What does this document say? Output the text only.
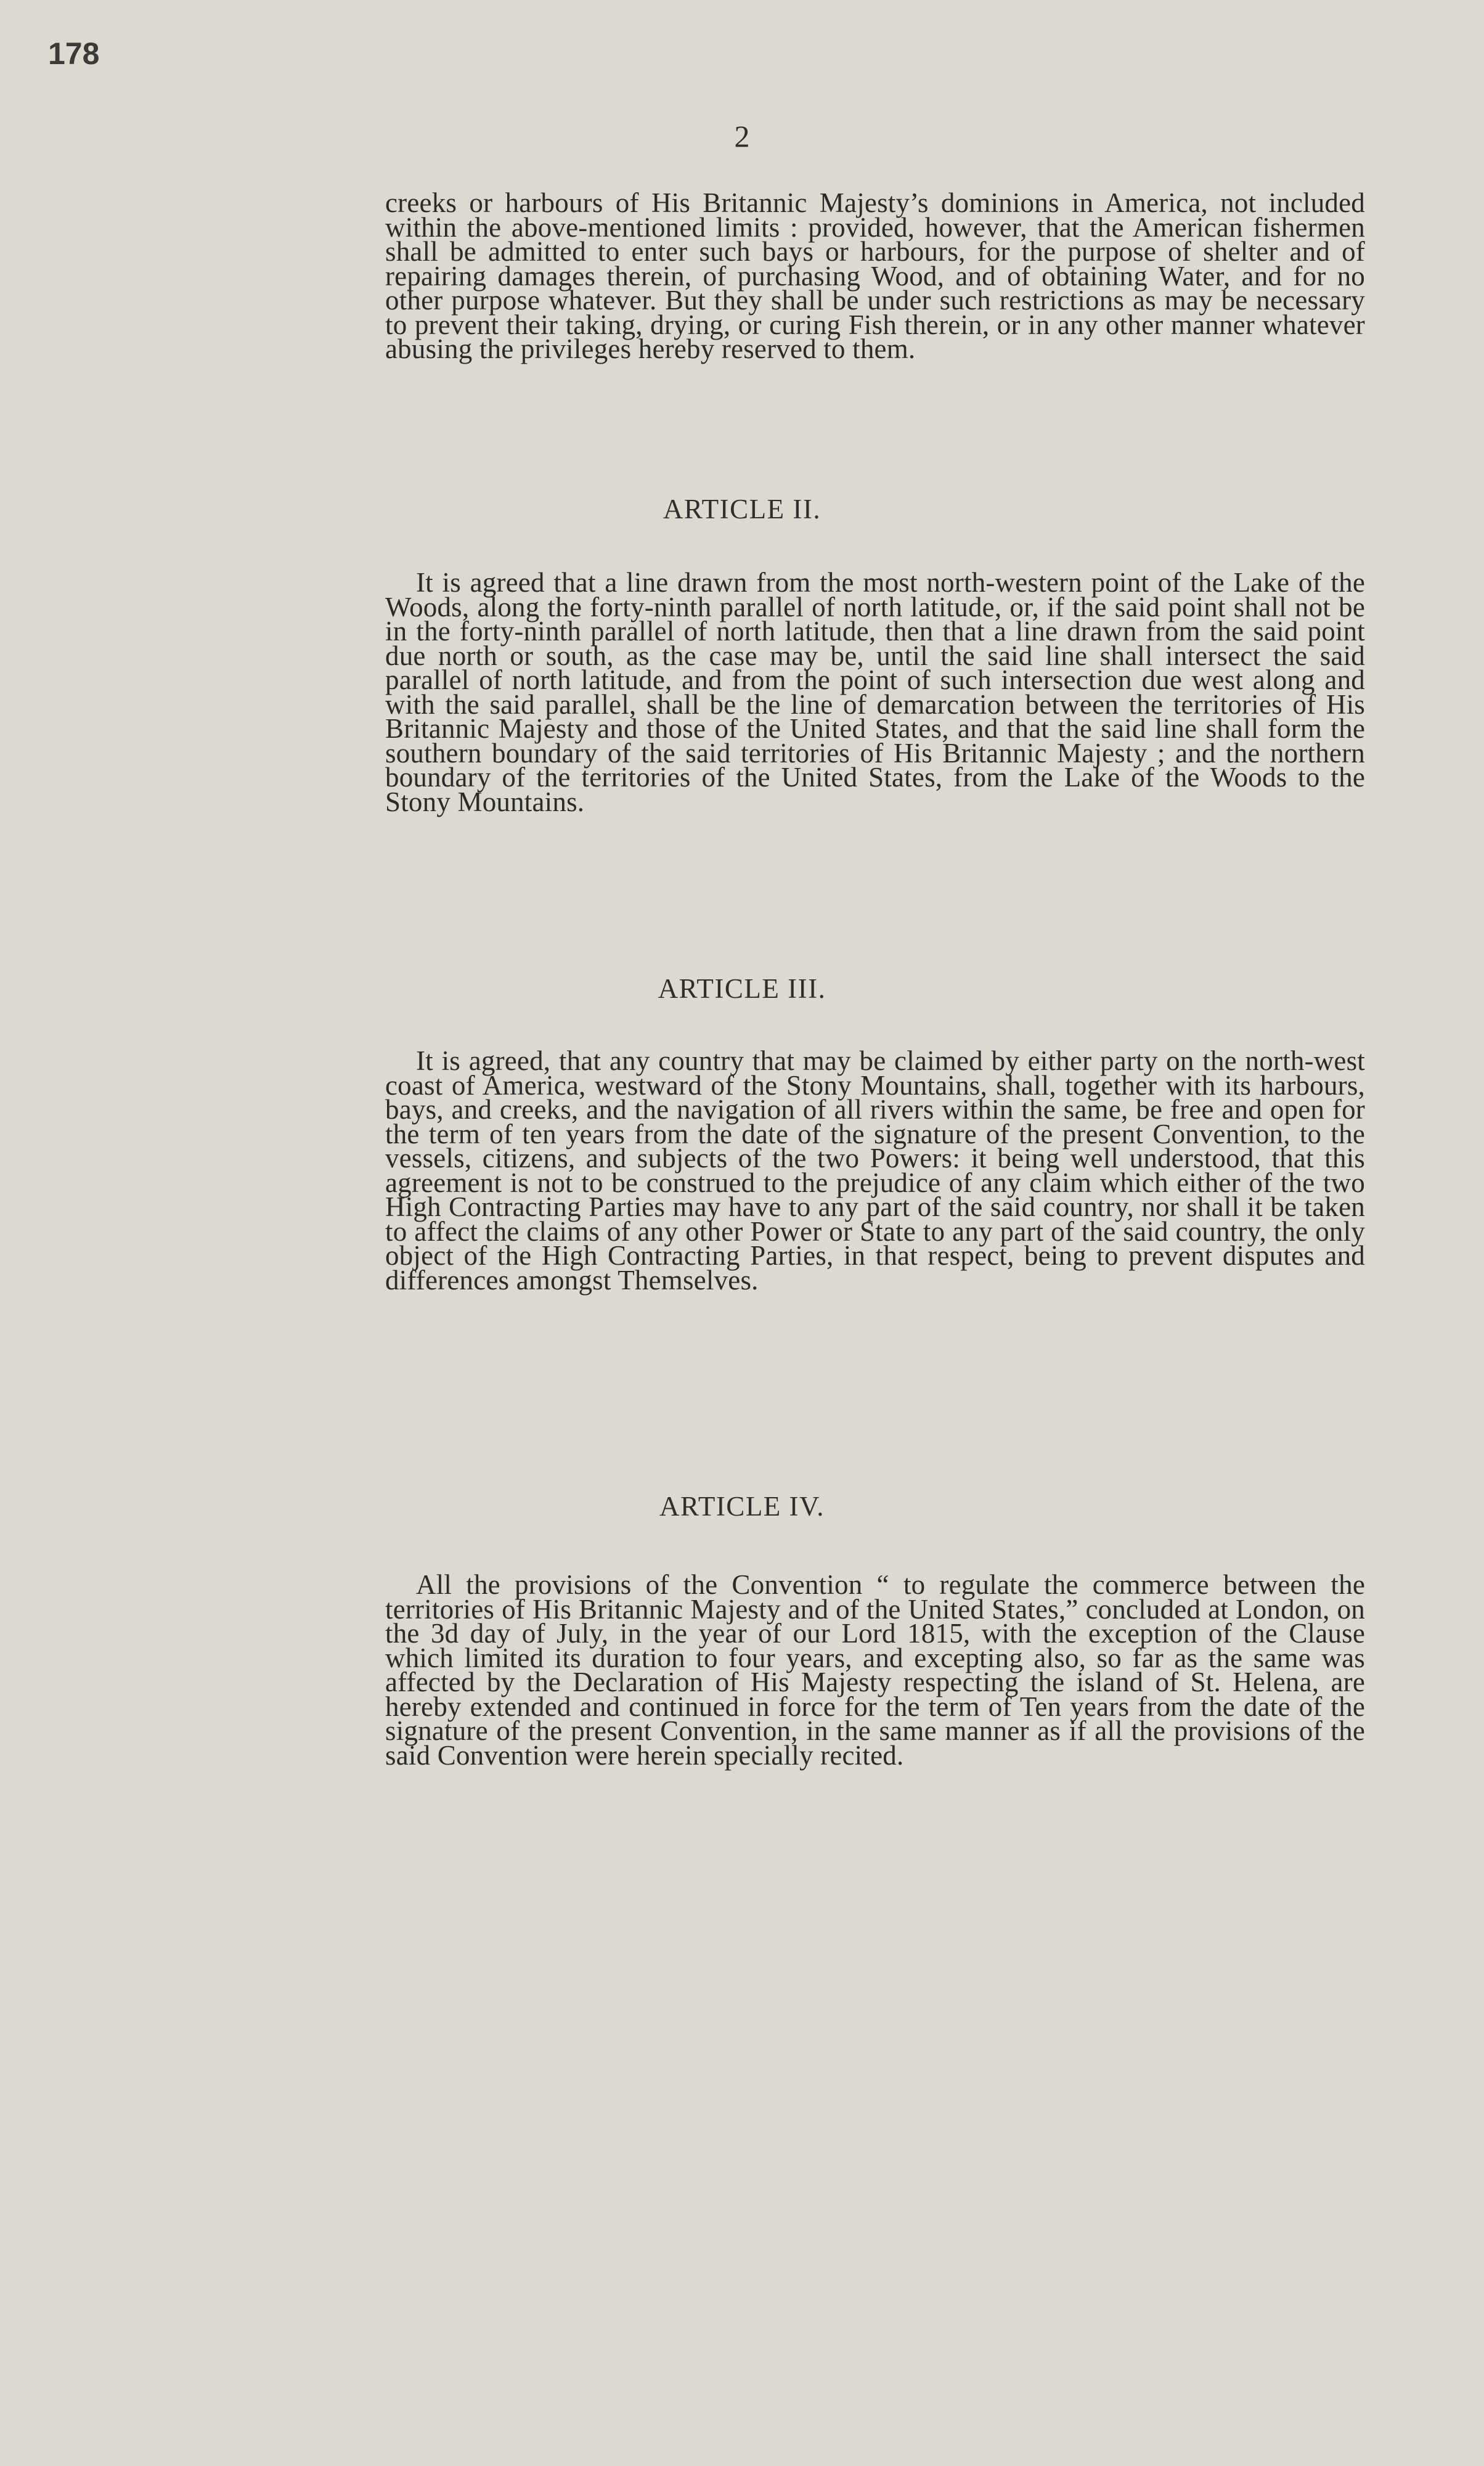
178
2

creeks or harbours of His Britannic Majesty’s dominions in America, not included within the above-mentioned limits : provided, however, that the American fishermen shall be admitted to enter such bays or harbours, for the purpose of shelter and of repairing damages therein, of purchasing Wood, and of obtaining Water, and for no other purpose whatever. But they shall be under such restrictions as may be necessary to prevent their taking, drying, or curing Fish therein, or in any other manner whatever abusing the privileges hereby reserved to them.

ARTICLE II.

It is agreed that a line drawn from the most north-western point of the Lake of the Woods, along the forty-ninth parallel of north latitude, or, if the said point shall not be in the forty-ninth parallel of north latitude, then that a line drawn from the said point due north or south, as the case may be, until the said line shall intersect the said parallel of north latitude, and from the point of such intersection due west along and with the said parallel, shall be the line of demarcation between the territories of His Britannic Majesty and those of the United States, and that the said line shall form the southern boundary of the said territories of His Britannic Majesty ; and the northern boundary of the territories of the United States, from the Lake of the Woods to the Stony Mountains.

ARTICLE III.

It is agreed, that any country that may be claimed by either party on the north-west coast of America, westward of the Stony Mountains, shall, together with its harbours, bays, and creeks, and the navigation of all rivers within the same, be free and open for the term of ten years from the date of the signature of the present Convention, to the vessels, citizens, and subjects of the two Powers: it being well understood, that this agreement is not to be construed to the prejudice of any claim which either of the two High Contracting Parties may have to any part of the said country, nor shall it be taken to affect the claims of any other Power or State to any part of the said country, the only object of the High Contracting Parties, in that respect, being to prevent disputes and differences amongst Themselves.

ARTICLE IV.

All the provisions of the Convention “ to regulate the commerce between the territories of His Britannic Majesty and of the United States,” concluded at London, on the 3d day of July, in the year of our Lord 1815, with the exception of the Clause which limited its duration to four years, and excepting also, so far as the same was affected by the Declaration of His Majesty respecting the island of St. Helena, are hereby extended and continued in force for the term of Ten years from the date of the signature of the present Convention, in the same manner as if all the provisions of the said Convention were herein specially recited.
